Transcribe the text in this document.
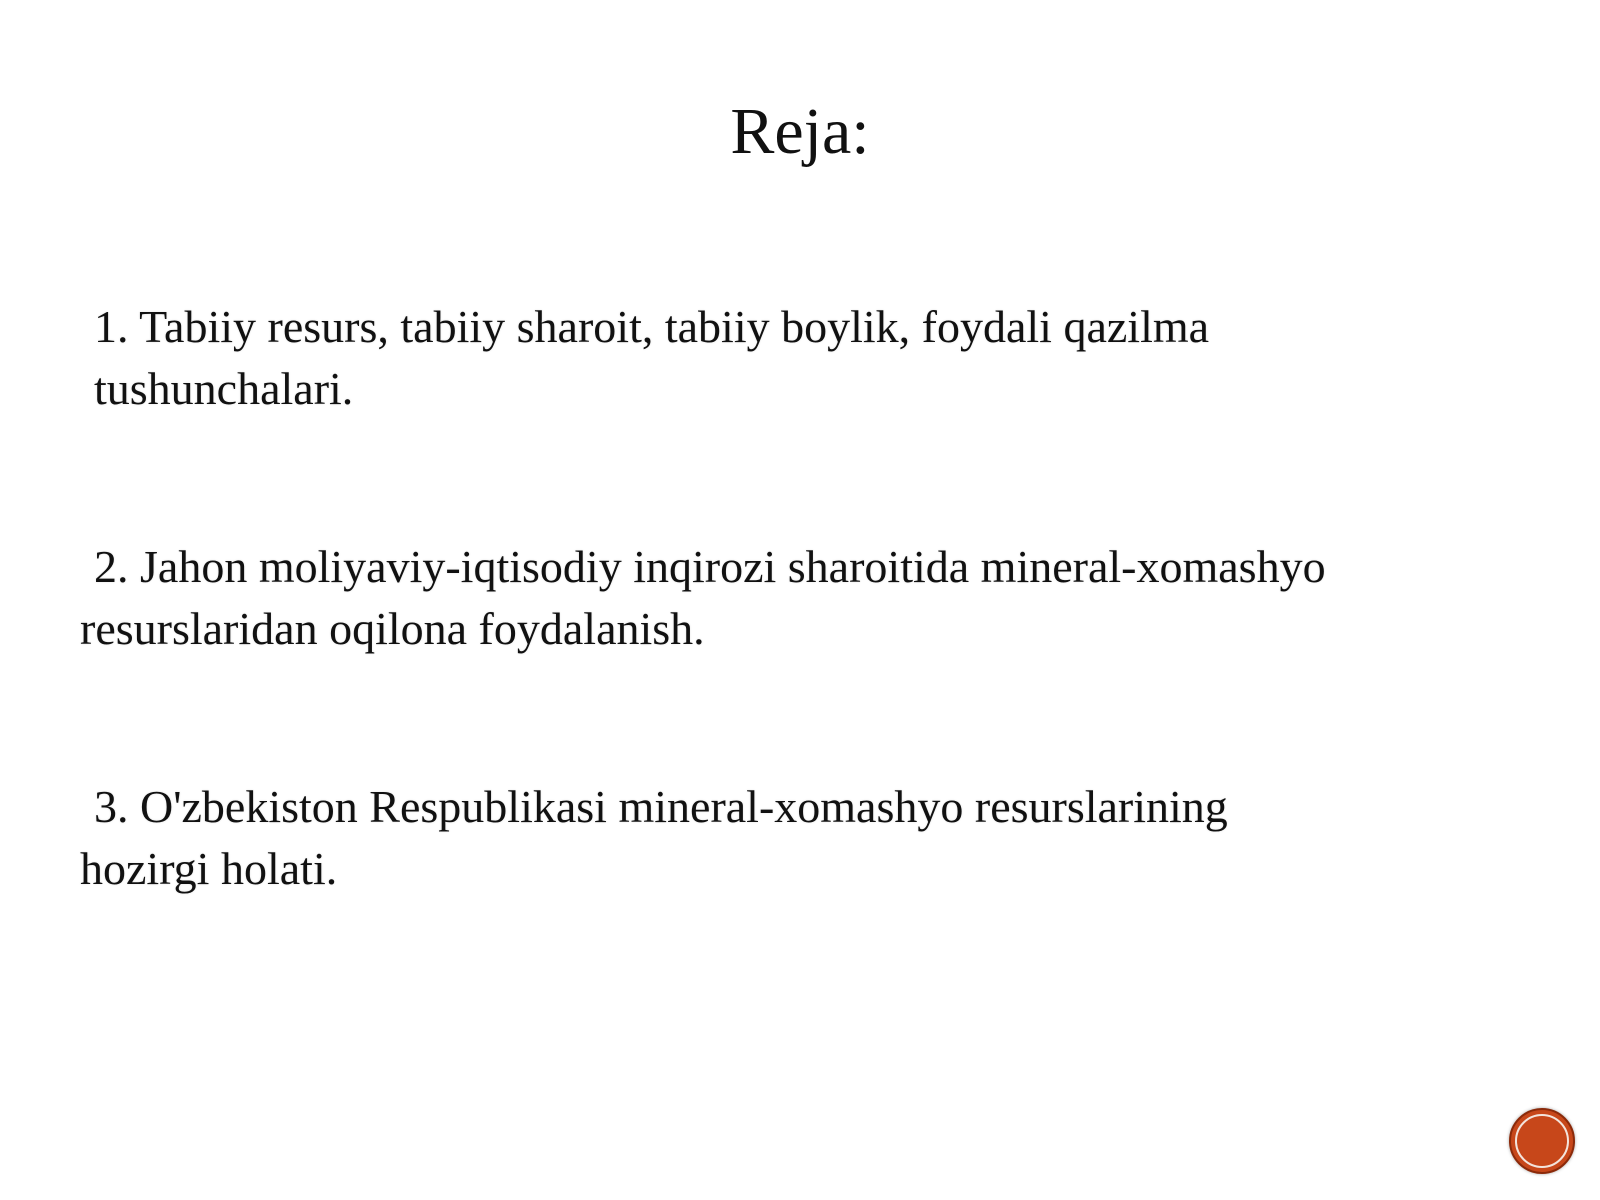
Reja:
1. Tabiiy resurs, tabiiy sharoit, tabiiy boylik, foydali qazilma
tushunchalari.
2. Jahon moliyaviy-iqtisodiy inqirozi sharoitida mineral-xomashyo
resurslaridan oqilona foydalanish.
3. O'zbekiston Respublikasi mineral-xomashyo resurslarining
hozirgi holati.
